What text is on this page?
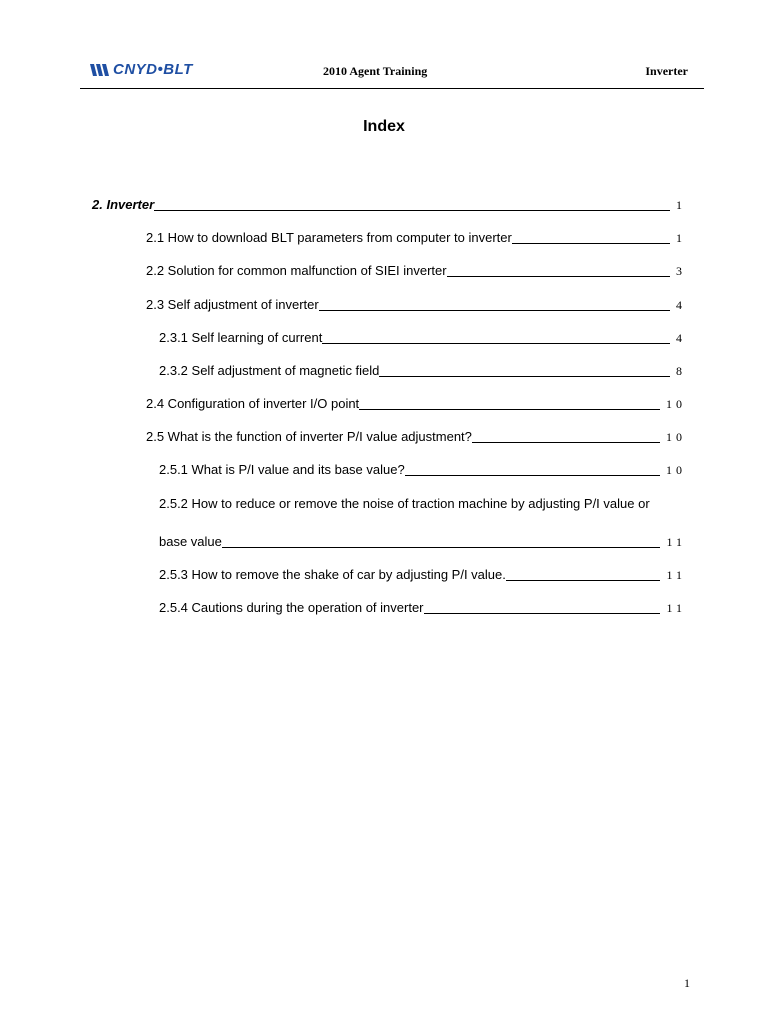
CNYD•BLT	2010 Agent Training	Inverter
Index
2. Inverter	1
2.1 How to download BLT parameters from computer to inverter	1
2.2 Solution for common malfunction of SIEI inverter	3
2.3 Self adjustment of inverter	4
2.3.1 Self learning of current	4
2.3.2 Self adjustment of magnetic field	8
2.4 Configuration of inverter I/O point	10
2.5 What is the function of inverter P/I value adjustment?	10
2.5.1 What is P/I value and its base value?	10
2.5.2 How to reduce or remove the noise of traction machine by adjusting P/I value or
base value	11
2.5.3 How to remove the shake of car by adjusting P/I value.	11
2.5.4 Cautions during the operation of inverter	11
1
